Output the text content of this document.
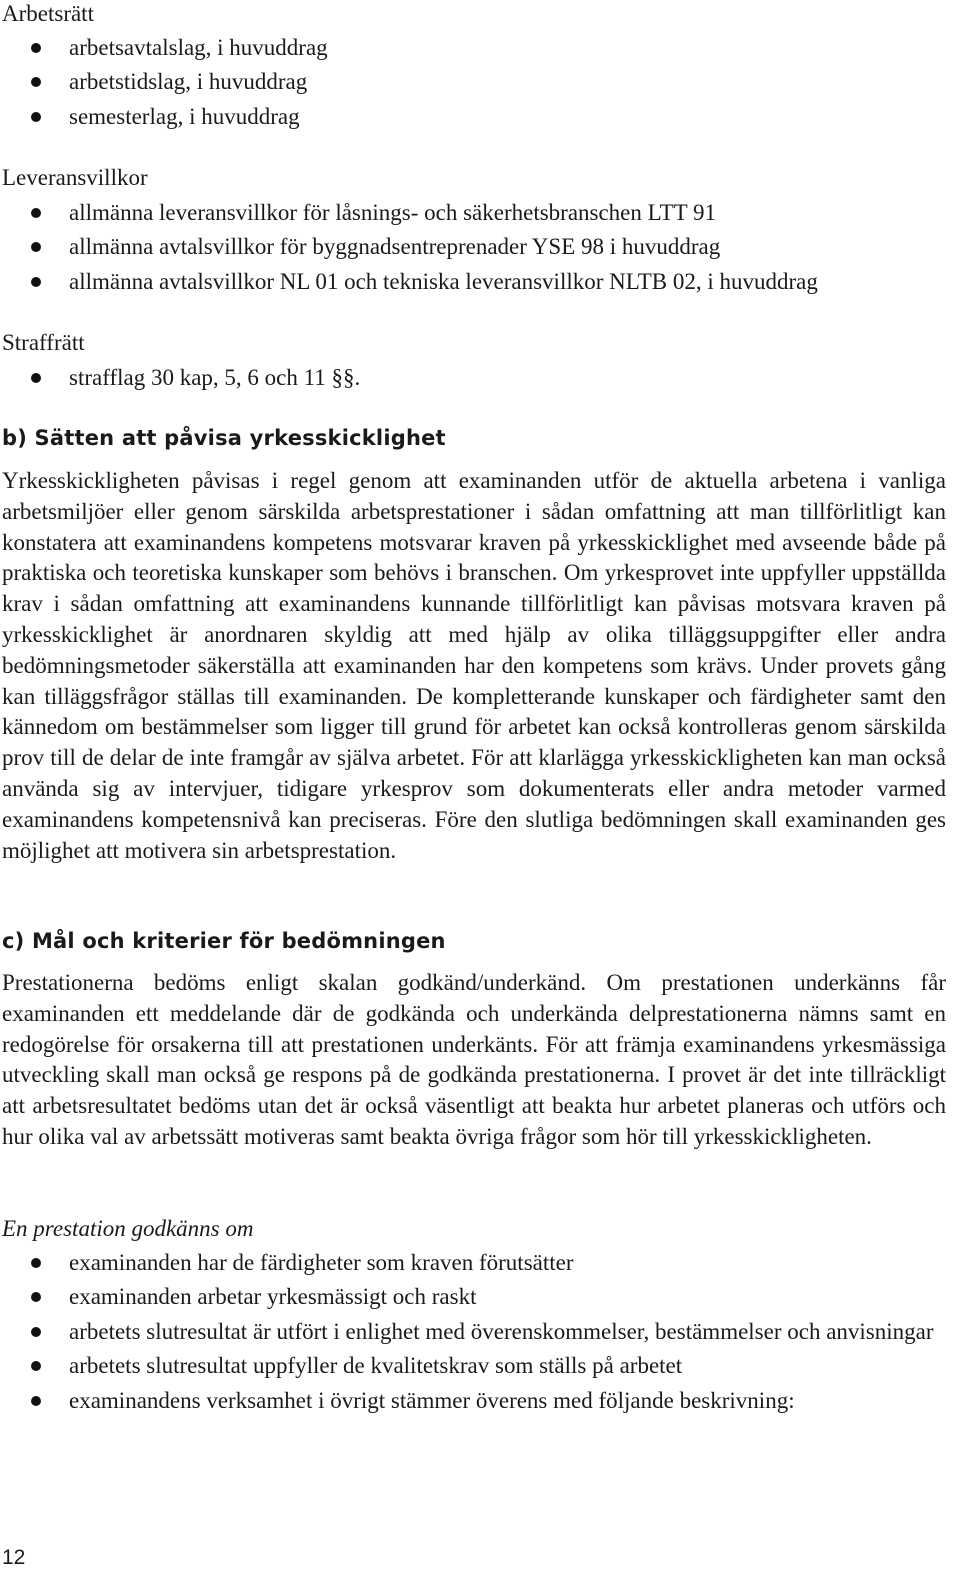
Arbetsrätt
arbetsavtalslag, i huvuddrag
arbetstidslag, i huvuddrag
semesterlag, i huvuddrag
Leveransvillkor
allmänna leveransvillkor för låsnings- och säkerhetsbranschen LTT 91
allmänna avtalsvillkor för byggnadsentreprenader YSE 98 i huvuddrag
allmänna avtalsvillkor NL 01 och tekniska leveransvillkor NLTB 02, i huvuddrag
Straffrätt
strafflag 30 kap, 5, 6 och 11 §§.
b) Sätten att påvisa yrkesskicklighet

Yrkesskickligheten påvisas i regel genom att examinanden utför de aktuella arbetena i vanliga arbetsmiljöer eller genom särskilda arbetsprestationer i sådan omfattning att man tillförlitligt kan konstatera att examinandens kompetens motsvarar kraven på yrkesskicklighet med avseende både på praktiska och teoretiska kunskaper som behövs i branschen. Om yrkesprovet inte uppfyller uppställda krav i sådan omfattning att examinandens kunnande tillförlitligt kan påvisas motsvara kraven på yrkesskicklighet är anordnaren skyldig att med hjälp av olika tilläggsuppgifter eller andra bedömningsmetoder säkerställa att examinanden har den kompetens som krävs. Under provets gång kan tilläggsfrågor ställas till examinanden. De kompletterande kunskaper och färdigheter samt den kännedom om bestämmelser som ligger till grund för arbetet kan också kontrolleras genom särskilda prov till de delar de inte framgår av själva arbetet. För att klarlägga yrkesskickligheten kan man också använda sig av intervjuer, tidigare yrkesprov som dokumenterats eller andra metoder varmed examinandens kompetensnivå kan preciseras. Före den slutliga bedömningen skall examinanden ges möjlighet att motivera sin arbetsprestation.

c) Mål och kriterier för bedömningen

Prestationerna bedöms enligt skalan godkänd/underkänd. Om prestationen underkänns får examinanden ett meddelande där de godkända och underkända delprestationerna nämns samt en redogörelse för orsakerna till att prestationen underkänts. För att främja examinandens yrkesmässiga utveckling skall man också ge respons på de godkända prestationerna. I provet är det inte tillräckligt att arbetsresultatet bedöms utan det är också väsentligt att beakta hur arbetet planeras och utförs och hur olika val av arbetssätt motiveras samt beakta övriga frågor som hör till yrkesskickligheten.

En prestation godkänns om
examinanden har de färdigheter som kraven förutsätter
examinanden arbetar yrkesmässigt och raskt
arbetets slutresultat är utfört i enlighet med överenskommelser, bestämmelser och anvisningar
arbetets slutresultat uppfyller de kvalitetskrav som ställs på arbetet
examinandens verksamhet i övrigt stämmer överens med följande beskrivning:
12
